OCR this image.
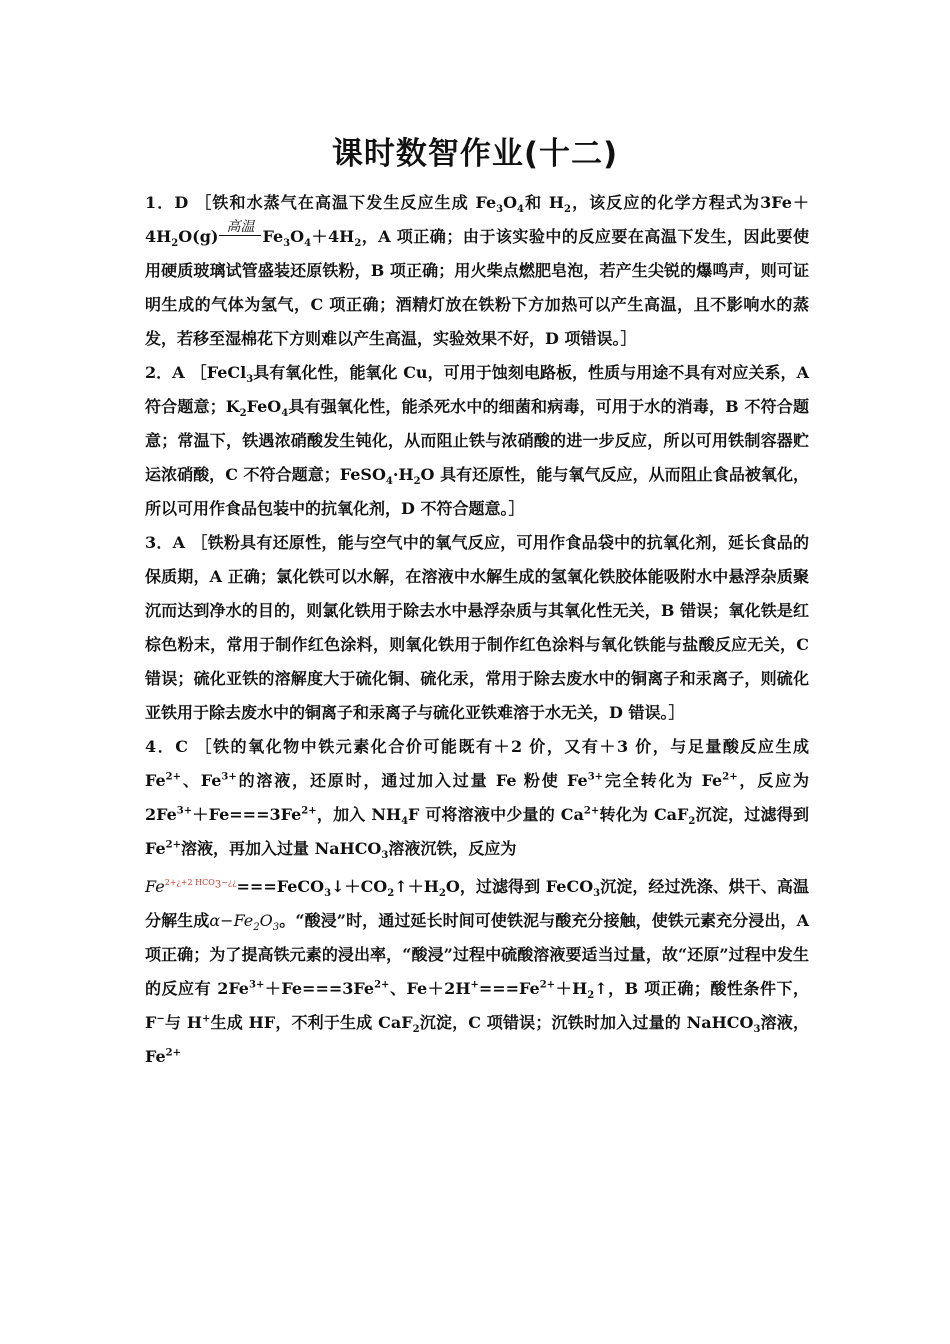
课时数智作业(十二)

1．D ［铁和水蒸气在高温下发生反应生成 $Fe_3O_4$和 $H_2$，该反应的化学方程式为$3Fe+4H_2O(g)$ 高温 $Fe_3O_4+4H_2$，A 项正确；由于该实验中的反应要在高温下发生，因此要使用硬质玻璃试管盛装还原铁粉，B 项正确；用火柴点燃肥皂泡，若产生尖锐的爆鸣声，则可证明生成的气体为氢气，C 项正确；酒精灯放在铁粉下方加热可以产生高温，且不影响水的蒸发，若移至湿棉花下方则难以产生高温，实验效果不好，D 项错误。］

2．A ［FeCl$_3$具有氧化性，能氧化 Cu，可用于蚀刻电路板，性质与用途不具有对应关系，A 符合题意；$K_2FeO_4$具有强氧化性，能杀死水中的细菌和病毒，可用于水的消毒，B 不符合题意；常温下，铁遇浓硝酸发生钝化，从而阻止铁与浓硝酸的进一步反应，所以可用铁制容器贮运浓硝酸，C 不符合题意；$FeSO_4\cdot H_2O$ 具有还原性，能与氧气反应，从而阻止食品被氧化，所以可用作食品包装中的抗氧化剂，D 不符合题意。］

3．A ［铁粉具有还原性，能与空气中的氧气反应，可用作食品袋中的抗氧化剂，延长食品的保质期，A 正确；氯化铁可以水解，在溶液中水解生成的氢氧化铁胶体能吸附水中悬浮杂质聚沉而达到净水的目的，则氯化铁用于除去水中悬浮杂质与其氧化性无关，B 错误；氧化铁是红棕色粉末，常用于制作红色涂料，则氧化铁用于制作红色涂料与氧化铁能与盐酸反应无关，C 错误；硫化亚铁的溶解度大于硫化铜、硫化汞，常用于除去废水中的铜离子和汞离子，则硫化亚铁用于除去废水中的铜离子和汞离子与硫化亚铁难溶于水无关，D 错误。］

4．C ［铁的氧化物中铁元素化合价可能既有＋2 价，又有＋3 价，与足量酸反应生成 $Fe^{2+}$、$Fe^{3+}$的溶液，还原时，通过加入过量 Fe 粉使 $Fe^{3+}$完全转化为 $Fe^{2+}$，反应为 $2Fe^{3+}+Fe===3Fe^{2+}$，加入 $NH_4F$ 可将溶液中少量的 $Ca^{2+}$转化为 CaF$_2$沉淀，过滤得到 $Fe^{2+}$溶液，再加入过量 NaHCO$_3$溶液沉铁，反应为
$Fe^{2+¿+2 HCO_3-¿¿}===FeCO_3↓+CO_2↑+H_2O$，过滤得到 FeCO$_3$沉淀，经过洗涤、烘干、高温分解生成$\alpha-Fe_2O_3$。“酸浸”时，通过延长时间可使铁泥与酸充分接触，使铁元素充分浸出，A 项正确；为了提高铁元素的浸出率，“酸浸”过程中硫酸溶液要适当过量，故“还原”过程中发生的反应有 $2Fe^{3+}+Fe===3Fe^{2+}$、$Fe+2H^+===Fe^{2+}+H_2↑$，B 项正确；酸性条件下，F−与 H+生成 HF，不利于生成 CaF$_2$沉淀，C 项错误；沉铁时加入过量的 NaHCO$_3$溶液，$Fe^{2+}$
